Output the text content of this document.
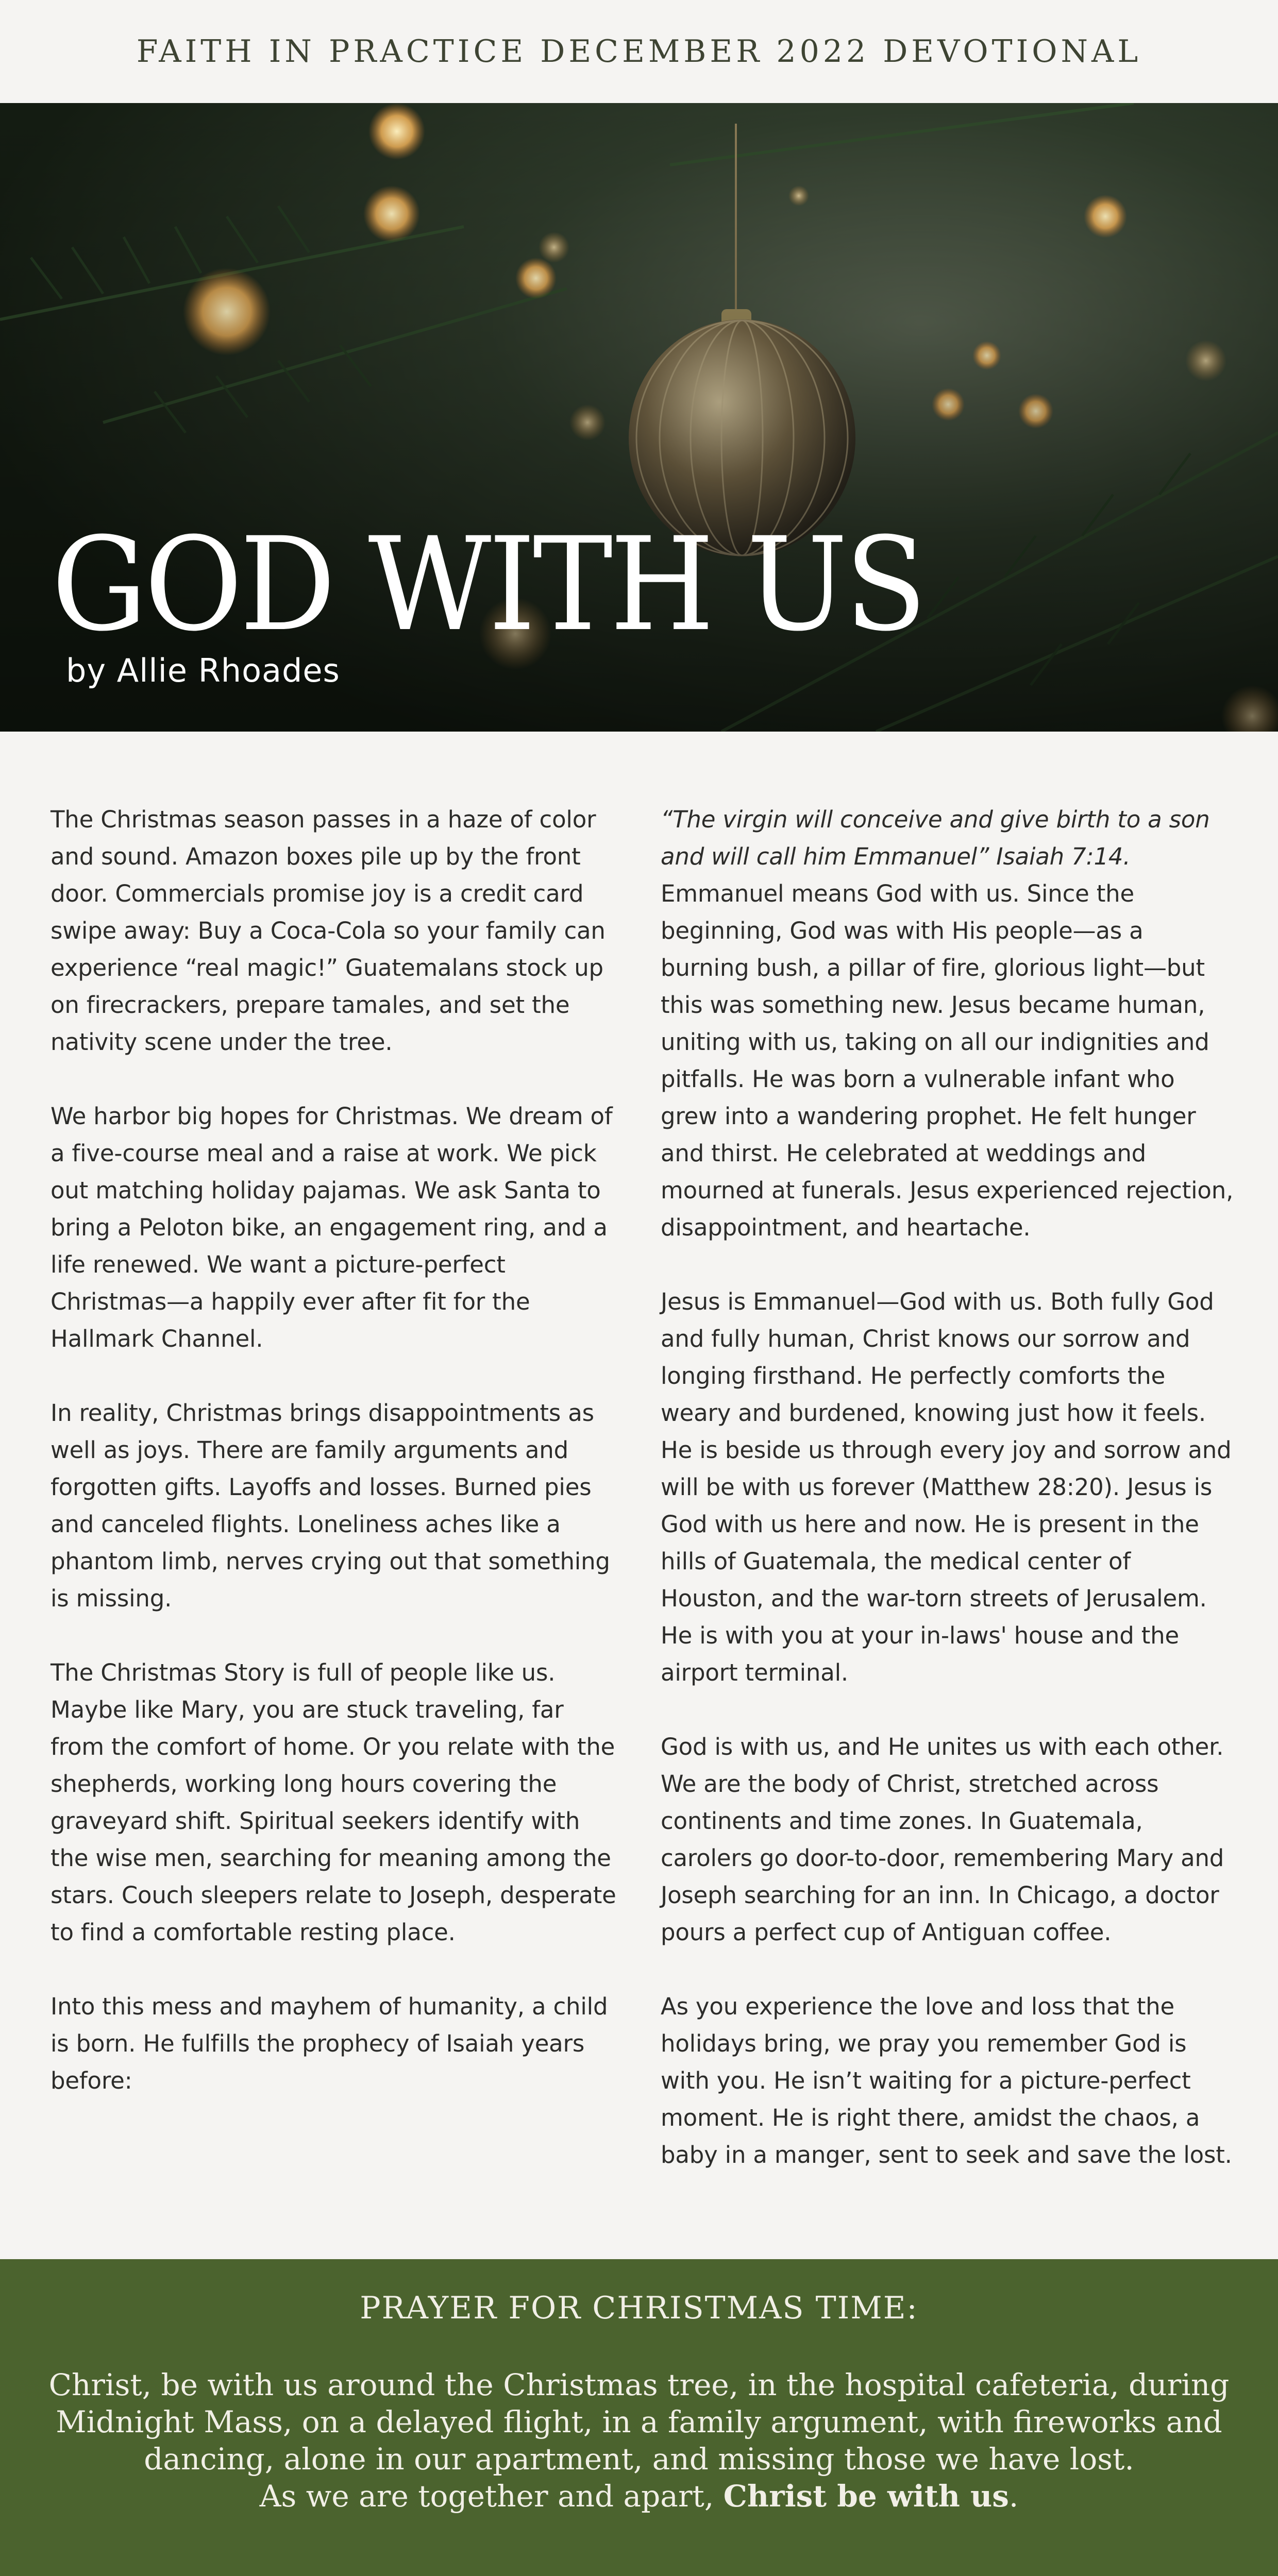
FAITH IN PRACTICE DECEMBER 2022 DEVOTIONAL
GOD WITH US
by Allie Rhoades

The Christmas season passes in a haze of color and sound. Amazon boxes pile up by the front door. Commercials promise joy is a credit card swipe away: Buy a Coca-Cola so your family can experience “real magic!” Guatemalans stock up on firecrackers, prepare tamales, and set the nativity scene under the tree.

We harbor big hopes for Christmas. We dream of a five-course meal and a raise at work. We pick out matching holiday pajamas. We ask Santa to bring a Peloton bike, an engagement ring, and a life renewed. We want a picture-perfect Christmas—a happily ever after fit for the Hallmark Channel.

In reality, Christmas brings disappointments as well as joys. There are family arguments and forgotten gifts. Layoffs and losses. Burned pies and canceled flights. Loneliness aches like a phantom limb, nerves crying out that something is missing.

The Christmas Story is full of people like us. Maybe like Mary, you are stuck traveling, far from the comfort of home. Or you relate with the shepherds, working long hours covering the graveyard shift. Spiritual seekers identify with the wise men, searching for meaning among the stars. Couch sleepers relate to Joseph, desperate to find a comfortable resting place.

Into this mess and mayhem of humanity, a child is born. He fulfills the prophecy of Isaiah years before:

“The virgin will conceive and give birth to a son and will call him Emmanuel” Isaiah 7:14. Emmanuel means God with us. Since the beginning, God was with His people—as a burning bush, a pillar of fire, glorious light—but this was something new. Jesus became human, uniting with us, taking on all our indignities and pitfalls. He was born a vulnerable infant who grew into a wandering prophet. He felt hunger and thirst. He celebrated at weddings and mourned at funerals. Jesus experienced rejection, disappointment, and heartache.

Jesus is Emmanuel—God with us. Both fully God and fully human, Christ knows our sorrow and longing firsthand. He perfectly comforts the weary and burdened, knowing just how it feels. He is beside us through every joy and sorrow and will be with us forever (Matthew 28:20). Jesus is God with us here and now. He is present in the hills of Guatemala, the medical center of Houston, and the war-torn streets of Jerusalem. He is with you at your in-laws' house and the airport terminal.

God is with us, and He unites us with each other. We are the body of Christ, stretched across continents and time zones. In Guatemala, carolers go door-to-door, remembering Mary and Joseph searching for an inn. In Chicago, a doctor pours a perfect cup of Antiguan coffee.

As you experience the love and loss that the holidays bring, we pray you remember God is with you. He isn’t waiting for a picture-perfect moment. He is right there, amidst the chaos, a baby in a manger, sent to seek and save the lost.

PRAYER FOR CHRISTMAS TIME:
Christ, be with us around the Christmas tree, in the hospital cafeteria, during Midnight Mass, on a delayed flight, in a family argument, with fireworks and dancing, alone in our apartment, and missing those we have lost.
As we are together and apart, Christ be with us.
